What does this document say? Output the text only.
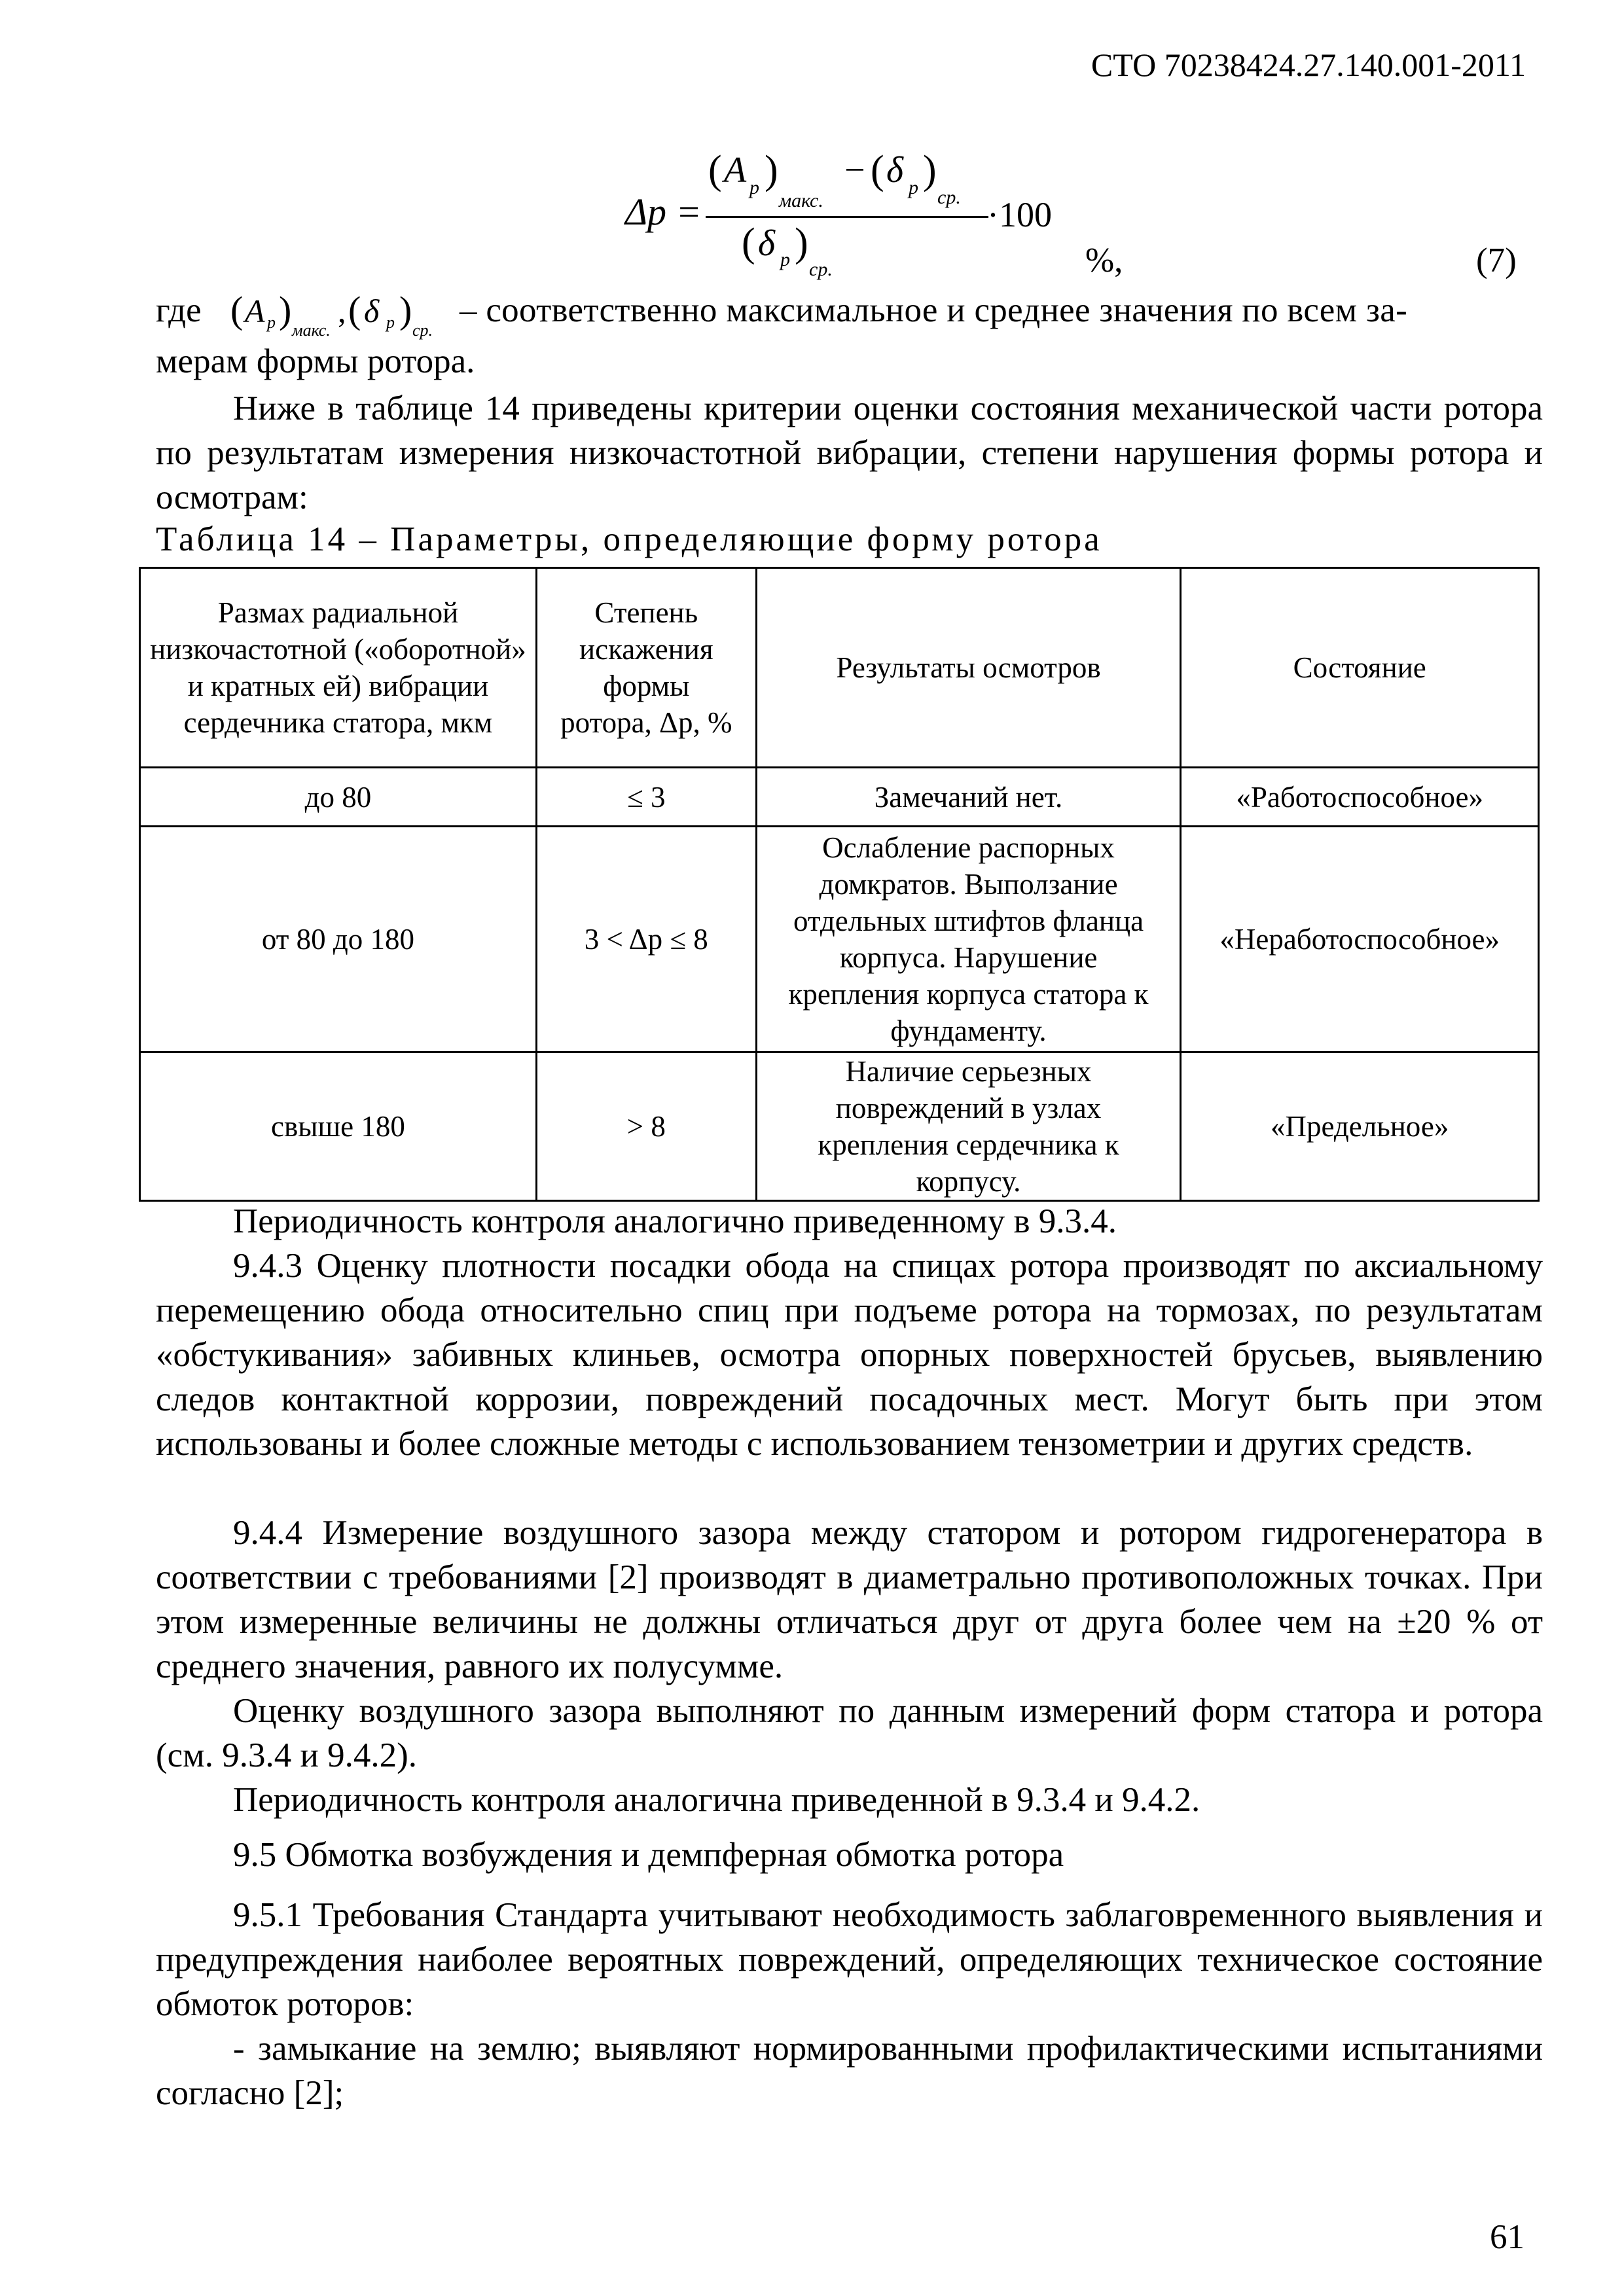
СТО 70238424.27.140.001-2011
Δp =
( A p )
макс.
− ( δ p )
ср.
( δ p )
ср.
·100
%,	(7)
где ( A p ) макс.
, ( δ p ) ср.
– соответственно максимальное и среднее значения по всем за-
мерам формы ротора.

Ниже в таблице 14 приведены критерии оценки состояния механической части ротора по результатам измерения низкочастотной вибрации, степени нарушения формы ротора и осмотрам:

Таблица 14 – Параметры, определяющие форму ротора
Размах радиальной низкочастотной («оборотной» и кратных ей) вибрации сердечника статора, мкм	Степень искажения формы ротора, Δр, %	Результаты осмотров	Состояние
до 80	≤ 3	Замечаний нет.	«Работоспособное»
от 80 до 180	3 < Δр ≤ 8	Ослабление распорных домкратов. Выползание отдельных штифтов фланца корпуса. Нарушение крепления корпуса статора к фундаменту.	«Неработоспособное»
свыше 180	> 8	Наличие серьезных повреждений в узлах крепления сердечника к корпусу.	«Предельное»

Периодичность контроля аналогично приведенному в 9.3.4.

9.4.3 Оценку плотности посадки обода на спицах ротора производят по аксиальному перемещению обода относительно спиц при подъеме ротора на тормозах, по результатам «обстукивания» забивных клиньев, осмотра опорных поверхностей брусьев, выявлению следов контактной коррозии, повреждений посадочных мест. Могут быть при этом использованы и более сложные методы с использованием тензометрии и других средств.

9.4.4 Измерение воздушного зазора между статором и ротором гидрогенератора в соответствии с требованиями [2] производят в диаметрально противоположных точках. При этом измеренные величины не должны отличаться друг от друга более чем на ±20 % от среднего значения, равного их полусумме.

Оценку воздушного зазора выполняют по данным измерений форм статора и ротора (см. 9.3.4 и 9.4.2).

Периодичность контроля аналогична приведенной в 9.3.4 и 9.4.2.

9.5 Обмотка возбуждения и демпферная обмотка ротора

9.5.1 Требования Стандарта учитывают необходимость заблаговременного выявления и предупреждения наиболее вероятных повреждений, определяющих техническое состояние обмоток роторов:

- замыкание на землю; выявляют нормированными профилактическими испытаниями согласно [2];

61
